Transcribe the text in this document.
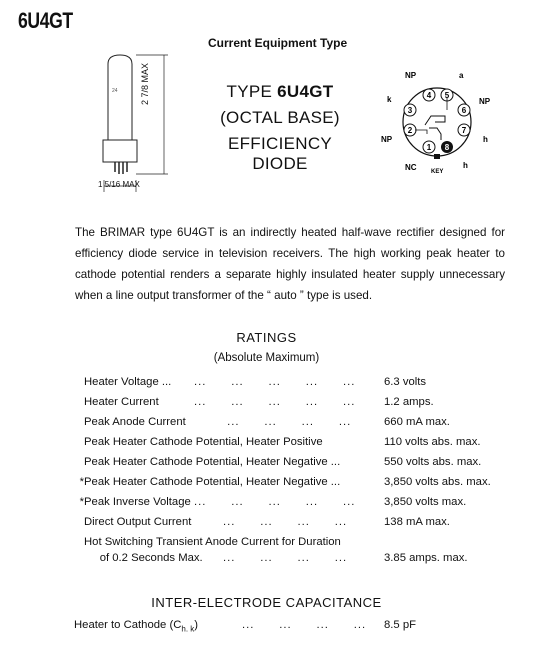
6U4GT
Current Equipment Type
24 2 7/8 MAX
1 5/16 MAX
TYPE 6U4GT
(OCTAL BASE)
EFFICIENCY DIODE
1
2
3
4 5
6
7
8
NP	a
k	NP
NP	h
NC KEY
h
The BRIMAR type 6U4GT is an indirectly heated half-wave rectifier designed for efficiency diode service in television receivers. The high working peak heater to cathode potential renders a separate highly insulated heater supply unnecessary when a line output transformer of the “ auto ” type is used.
RATINGS
(Absolute Maximum)
Heater Voltage ... ...      ...      ...      ...      ...	6.3 volts
Heater Current	...      ...      ...      ...      ...	1.2 amps.
Peak Anode Current ...      ...      ...      ...	660 mA max.
Peak Heater Cathode Potential, Heater Positive	110 volts abs. max.
Peak Heater Cathode Potential, Heater Negative ...	550 volts abs. max.
* Peak Heater Cathode Potential, Heater Negative ...	3,850 volts abs. max.
* Peak Inverse Voltage ...      ...      ...      ...      ...	3,850 volts max.
Direct Output Current ...      ...      ...      ...	138 mA max.
Hot Switching Transient Anode Current for Duration
of 0.2 Seconds Max.
...      ...      ...      ...	3.85 amps. max.
INTER-ELECTRODE CAPACITANCE
Heater to Cathode $(C_{h. k})$	...      ...      ...      ...	8.5 pF
